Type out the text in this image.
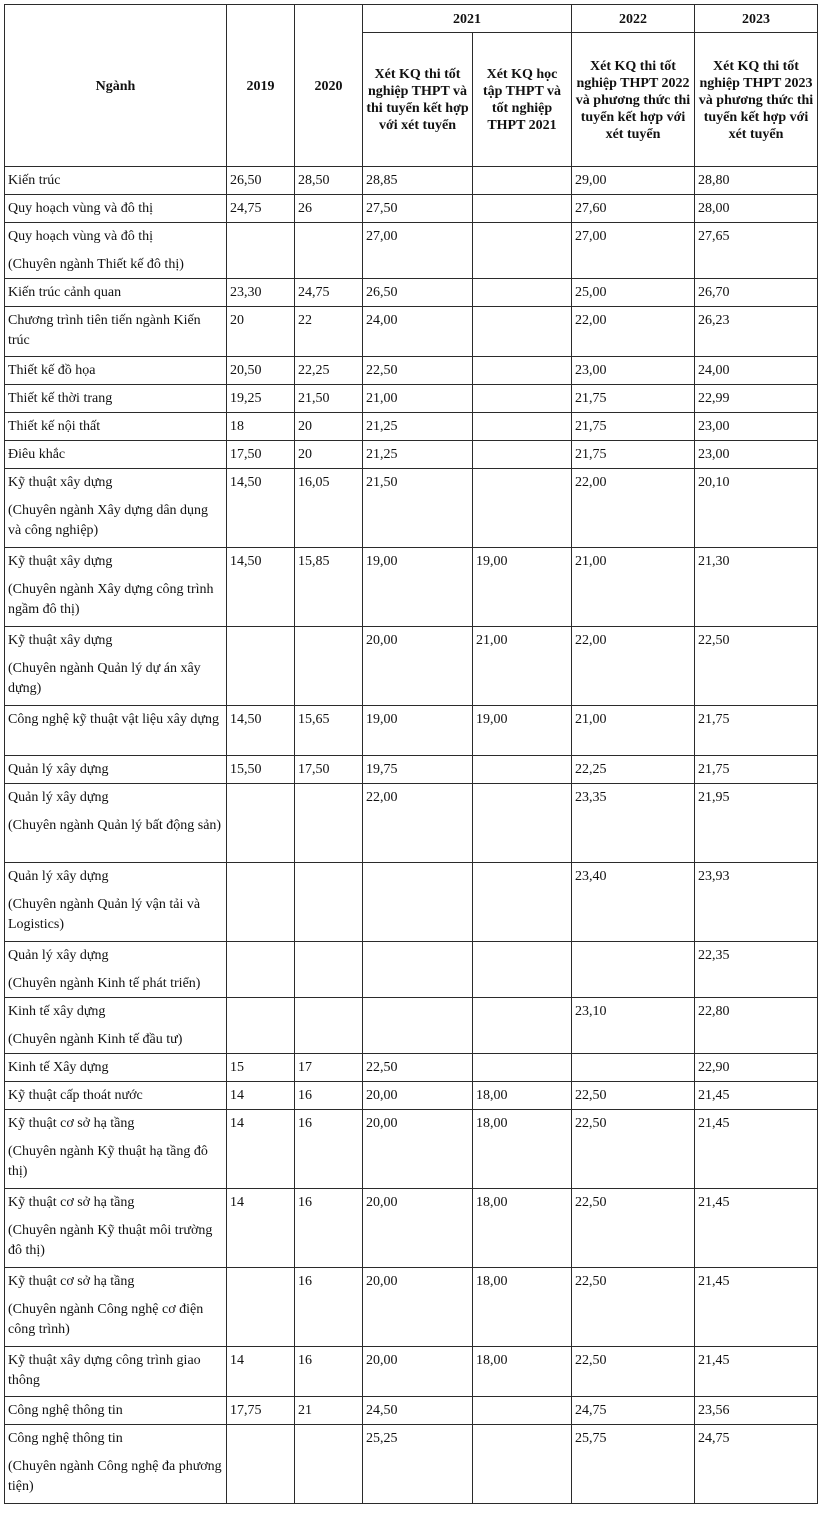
Ngành	2019	2020	2021		2022	2023
			Xét KQ thi tốt nghiệp THPT và thi tuyển kết hợp với xét tuyển	Xét KQ học tập THPT và tốt nghiệp THPT 2021	Xét KQ thi tốt nghiệp THPT 2022 và phương thức thi tuyển kết hợp với xét tuyển	Xét KQ thi tốt nghiệp THPT 2023 và phương thức thi tuyển kết hợp với xét tuyển

Kiến trúc	26,50	28,50	28,85		29,00	28,80

Quy hoạch vùng và đô thị	24,75	26	27,50		27,60	28,00

Quy hoạch vùng và đô thị
(Chuyên ngành Thiết kế đô thị)			27,00		27,00	27,65

Kiến trúc cảnh quan	23,30	24,75	26,50		25,00	26,70

Chương trình tiên tiến ngành Kiến trúc	20	22	24,00		22,00	26,23

Thiết kế đồ họa	20,50	22,25	22,50		23,00	24,00

Thiết kế thời trang	19,25	21,50	21,00		21,75	22,99

Thiết kế nội thất	18	20	21,25		21,75	23,00

Điêu khắc	17,50	20	21,25		21,75	23,00

Kỹ thuật xây dựng
(Chuyên ngành Xây dựng dân dụng và công nghiệp)	14,50	16,05	21,50		22,00	20,10

Kỹ thuật xây dựng
(Chuyên ngành Xây dựng công trình ngầm đô thị)	14,50	15,85	19,00	19,00	21,00	21,30

Kỹ thuật xây dựng
(Chuyên ngành Quản lý dự án xây dựng)			20,00	21,00	22,00	22,50

Công nghệ kỹ thuật vật liệu xây dựng	14,50	15,65	19,00	19,00	21,00	21,75

Quản lý xây dựng	15,50	17,50	19,75		22,25	21,75

Quản lý xây dựng
(Chuyên ngành Quản lý bất động sản)			22,00		23,35	21,95

Quản lý xây dựng
(Chuyên ngành Quản lý vận tải và Logistics)					23,40	23,93

Quản lý xây dựng
(Chuyên ngành Kinh tế phát triển)						22,35

Kinh tế xây dựng
(Chuyên ngành Kinh tế đầu tư)					23,10	22,80

Kinh tế Xây dựng	15	17	22,50			22,90

Kỹ thuật cấp thoát nước	14	16	20,00	18,00	22,50	21,45

Kỹ thuật cơ sở hạ tầng
(Chuyên ngành Kỹ thuật hạ tầng đô thị)	14	16	20,00	18,00	22,50	21,45

Kỹ thuật cơ sở hạ tầng
(Chuyên ngành Kỹ thuật môi trường đô thị)	14	16	20,00	18,00	22,50	21,45

Kỹ thuật cơ sở hạ tầng
(Chuyên ngành Công nghệ cơ điện công trình)		16	20,00	18,00	22,50	21,45

Kỹ thuật xây dựng công trình giao thông	14	16	20,00	18,00	22,50	21,45

Công nghệ thông tin	17,75	21	24,50		24,75	23,56

Công nghệ thông tin
(Chuyên ngành Công nghệ đa phương tiện)			25,25		25,75	24,75
